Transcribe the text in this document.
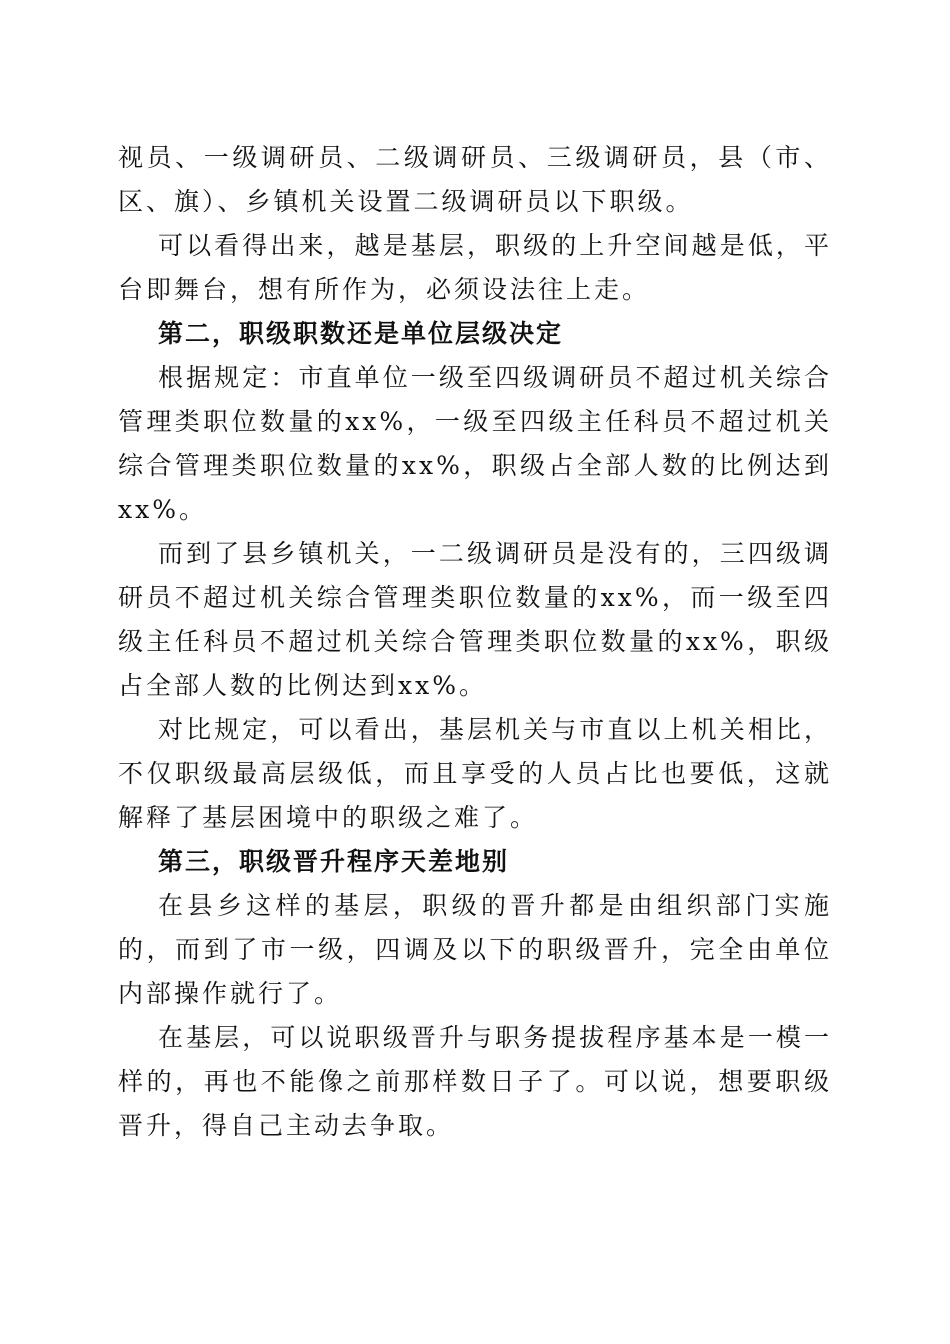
视员、一级调研员、二级调研员、三级调研员，县（市、区、旗）、乡镇机关设置二级调研员以下职级。

可以看得出来，越是基层，职级的上升空间越是低，平台即舞台，想有所作为，必须设法往上走。

第二，职级职数还是单位层级决定

根据规定：市直单位一级至四级调研员不超过机关综合管理类职位数量的xx%，一级至四级主任科员不超过机关综合管理类职位数量的xx%，职级占全部人数的比例达到xx%。

而到了县乡镇机关，一二级调研员是没有的，三四级调研员不超过机关综合管理类职位数量的xx%，而一级至四级主任科员不超过机关综合管理类职位数量的xx%，职级占全部人数的比例达到xx%。

对比规定，可以看出，基层机关与市直以上机关相比，不仅职级最高层级低，而且享受的人员占比也要低，这就解释了基层困境中的职级之难了。

第三，职级晋升程序天差地别

在县乡这样的基层，职级的晋升都是由组织部门实施的，而到了市一级，四调及以下的职级晋升，完全由单位内部操作就行了。

在基层，可以说职级晋升与职务提拔程序基本是一模一样的，再也不能像之前那样数日子了。可以说，想要职级晋升，得自己主动去争取。
